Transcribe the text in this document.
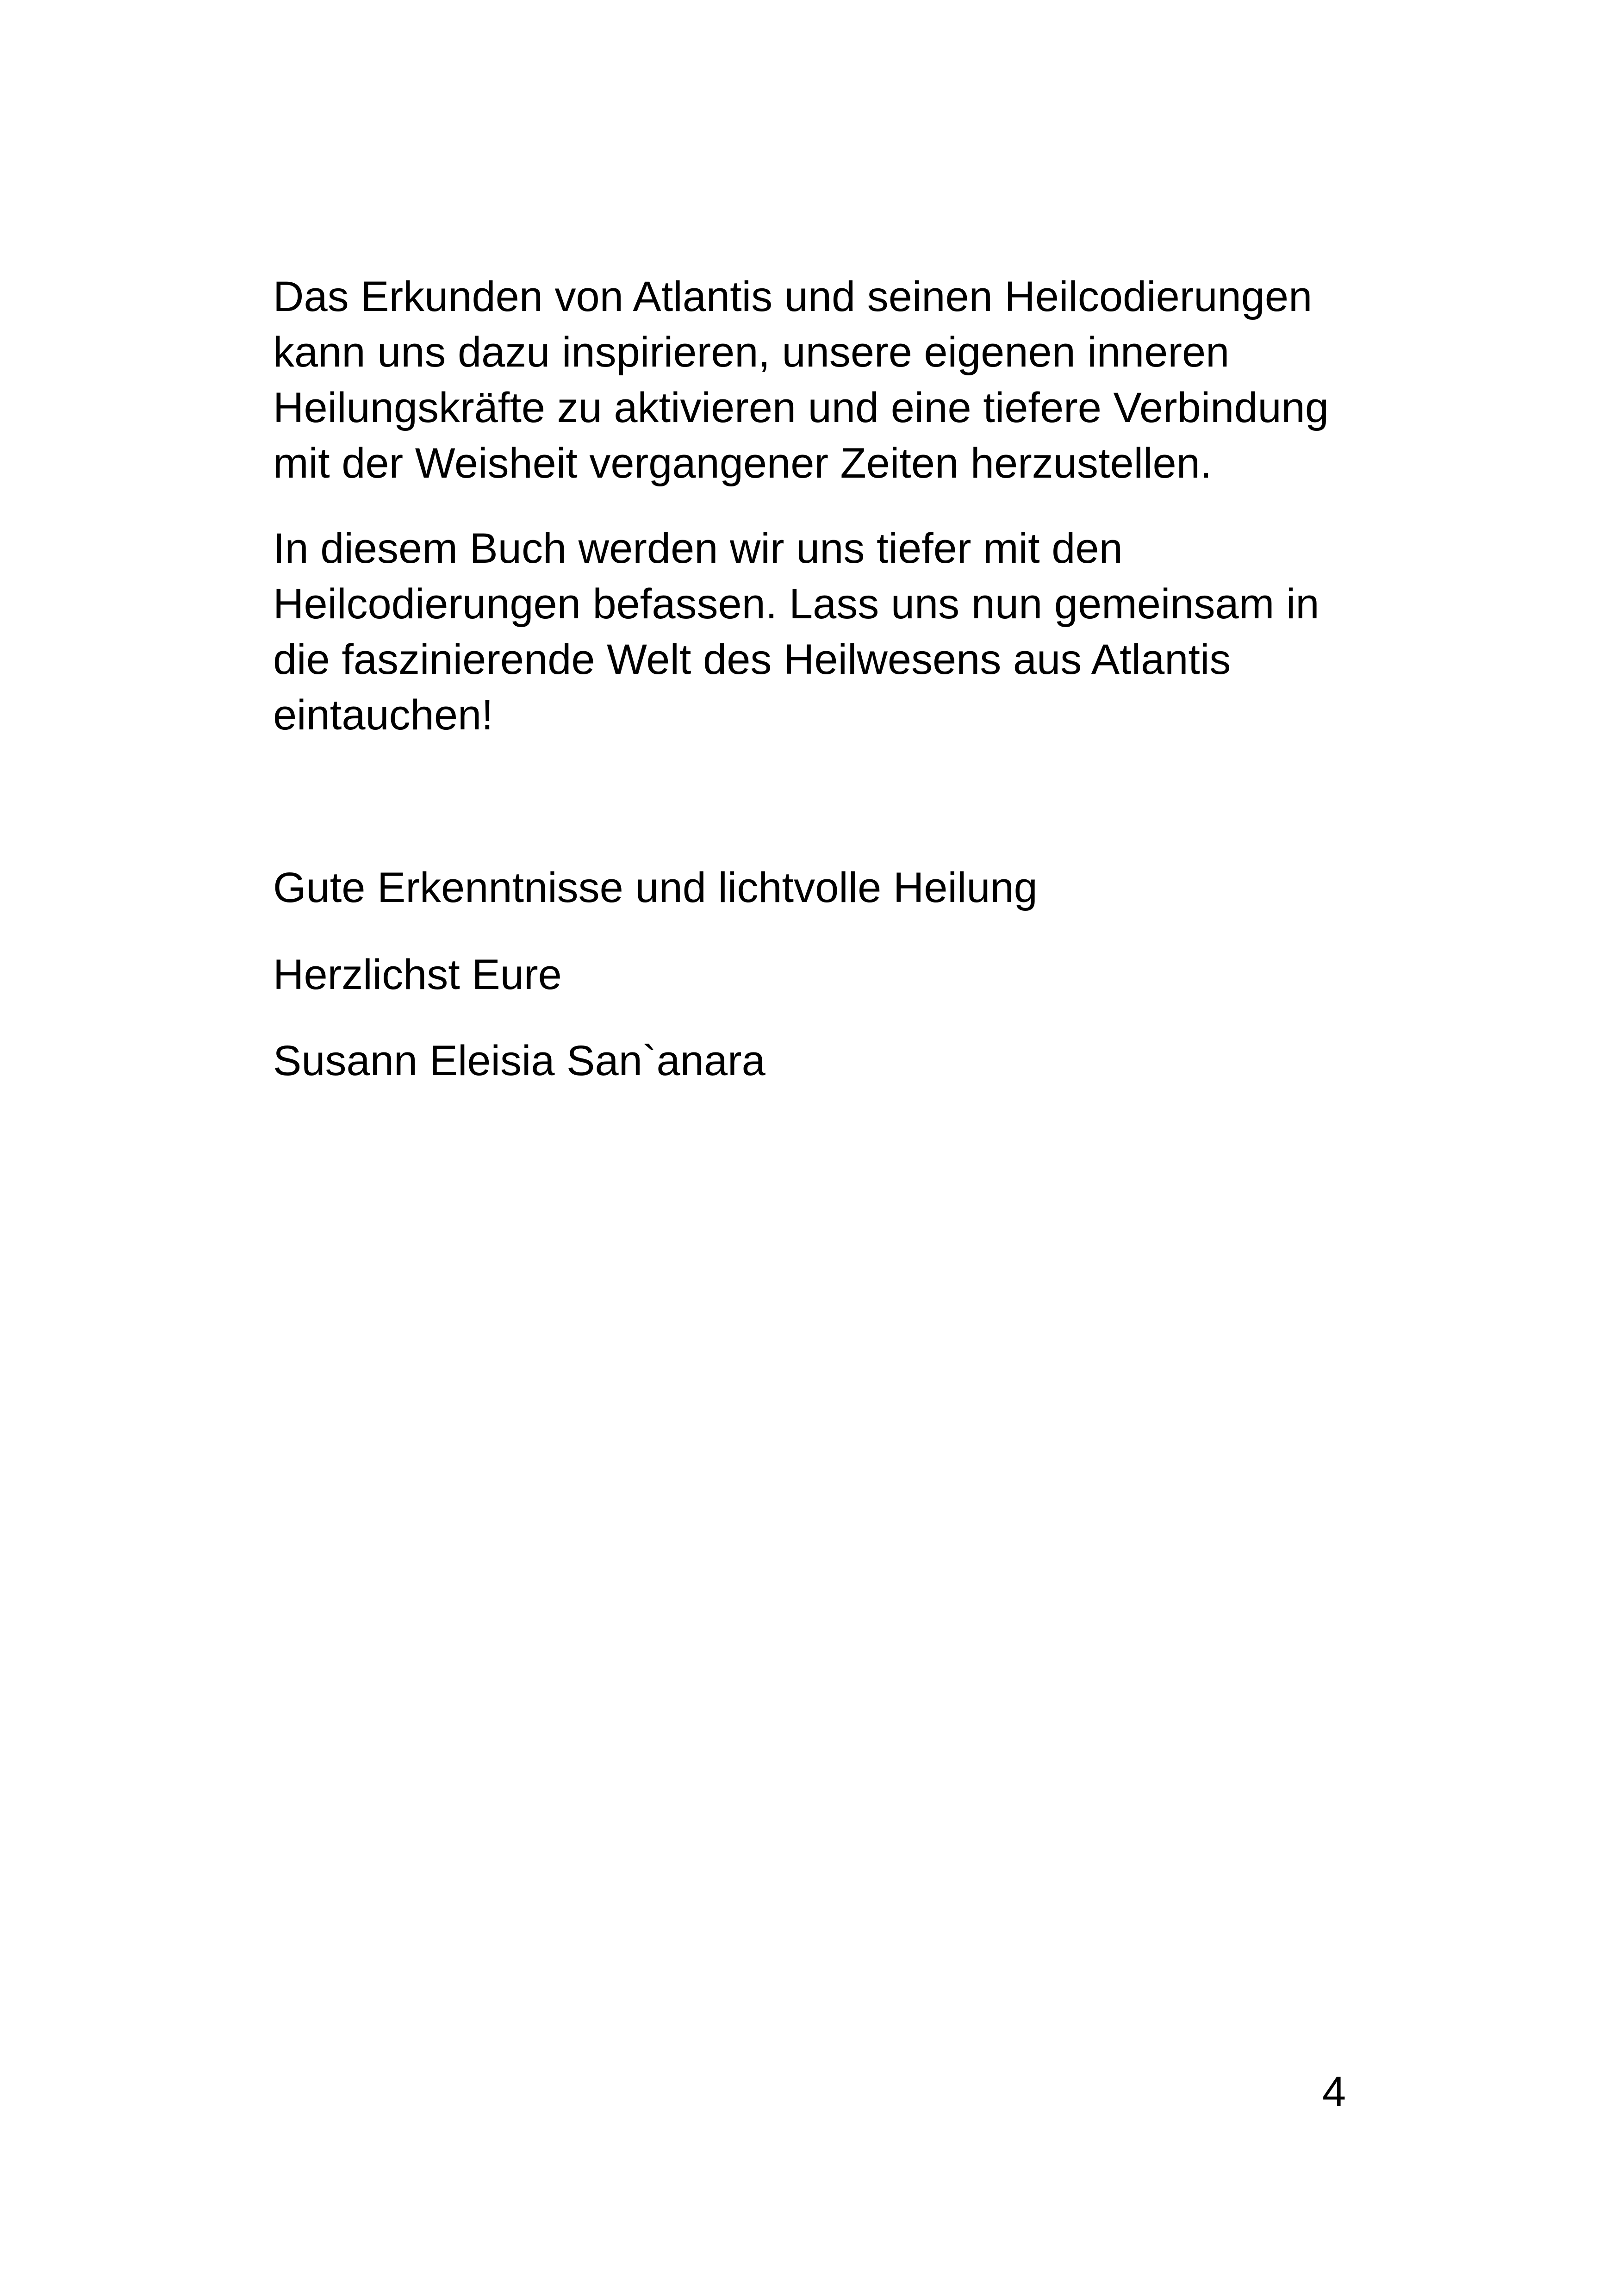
Das Erkunden von Atlantis und seinen Heilcodierungen
kann uns dazu inspirieren, unsere eigenen inneren
Heilungskräfte zu aktivieren und eine tiefere Verbindung
mit der Weisheit vergangener Zeiten herzustellen.

In diesem Buch werden wir uns tiefer mit den
Heilcodierungen befassen. Lass uns nun gemeinsam in
die faszinierende Welt des Heilwesens aus Atlantis
eintauchen!

Gute Erkenntnisse und lichtvolle Heilung

Herzlichst Eure

Susann Eleisia San`anara

4
